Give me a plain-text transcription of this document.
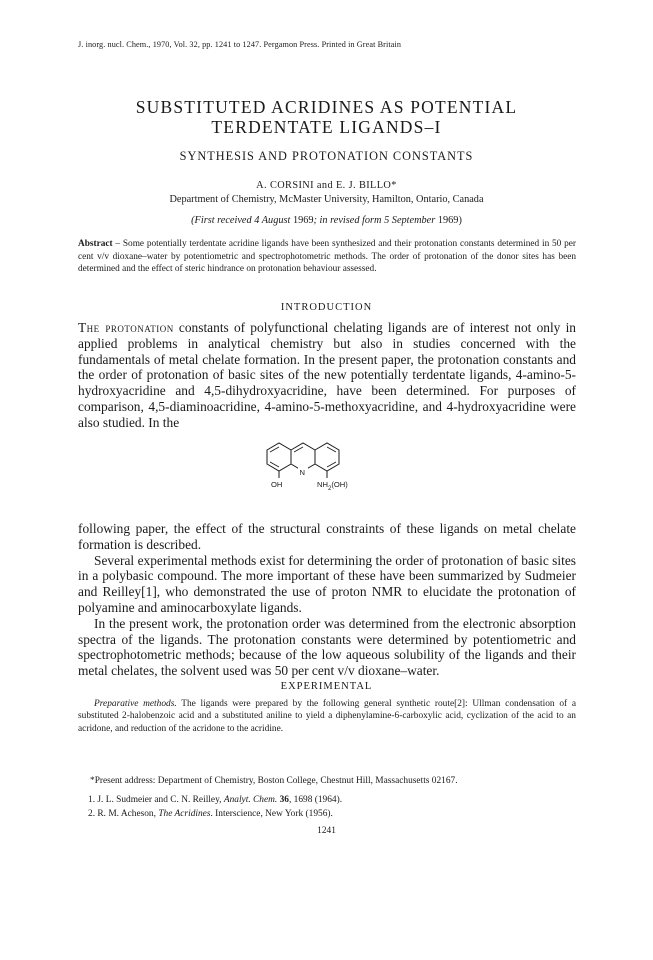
J. inorg. nucl. Chem., 1970, Vol. 32, pp. 1241 to 1247. Pergamon Press. Printed in Great Britain
SUBSTITUTED ACRIDINES AS POTENTIAL
TERDENTATE LIGANDS–I
SYNTHESIS AND PROTONATION CONSTANTS
A. CORSINI and E. J. BILLO*
Department of Chemistry, McMaster University, Hamilton, Ontario, Canada
(First received 4 August 1969; in revised form 5 September 1969)

Abstract – Some potentially terdentate acridine ligands have been synthesized and their protonation constants determined in 50 per cent v/v dioxane–water by potentiometric and spectrophotometric methods. The order of protonation of the donor sites has been determined and the effect of steric hindrance on protonation behaviour assessed.

INTRODUCTION

The protonation constants of polyfunctional chelating ligands are of interest not only in applied problems in analytical chemistry but also in studies concerned with the fundamentals of metal chelate formation. In the present paper, the protonation constants and the order of protonation of basic sites of the new potentially terdentate ligands, 4-amino-5-hydroxyacridine and 4,5-dihydroxyacridine, have been determined. For purposes of comparison, 4,5-diaminoacridine, 4-amino-5-methoxyacridine, and 4-hydroxyacridine were also studied. In the

N
OH	$NH_2(OH)$
following paper, the effect of the structural constraints of these ligands on metal chelate formation is described.
Several experimental methods exist for determining the order of protonation of basic sites in a polybasic compound. The more important of these have been summarized by Sudmeier and Reilley[1], who demonstrated the use of proton NMR to elucidate the protonation of polyamine and aminocarboxylate ligands.
In the present work, the protonation order was determined from the electronic absorption spectra of the ligands. The protonation constants were determined by potentiometric and spectrophotometric methods; because of the low aqueous solubility of the ligands and their metal chelates, the solvent used was 50 per cent v/v dioxane–water.
EXPERIMENTAL

Preparative methods. The ligands were prepared by the following general synthetic route[2]: Ullman condensation of a substituted 2-halobenzoic acid and a substituted aniline to yield a diphenylamine-6-carboxylic acid, cyclization of the acid to an acridone, and reduction of the acridone to the acridine.

*Present address: Department of Chemistry, Boston College, Chestnut Hill, Massachusetts 02167.

1. J. L. Sudmeier and C. N. Reilley, Analyt. Chem. 36, 1698 (1964).

2. R. M. Acheson, The Acridines. Interscience, New York (1956).

1241
